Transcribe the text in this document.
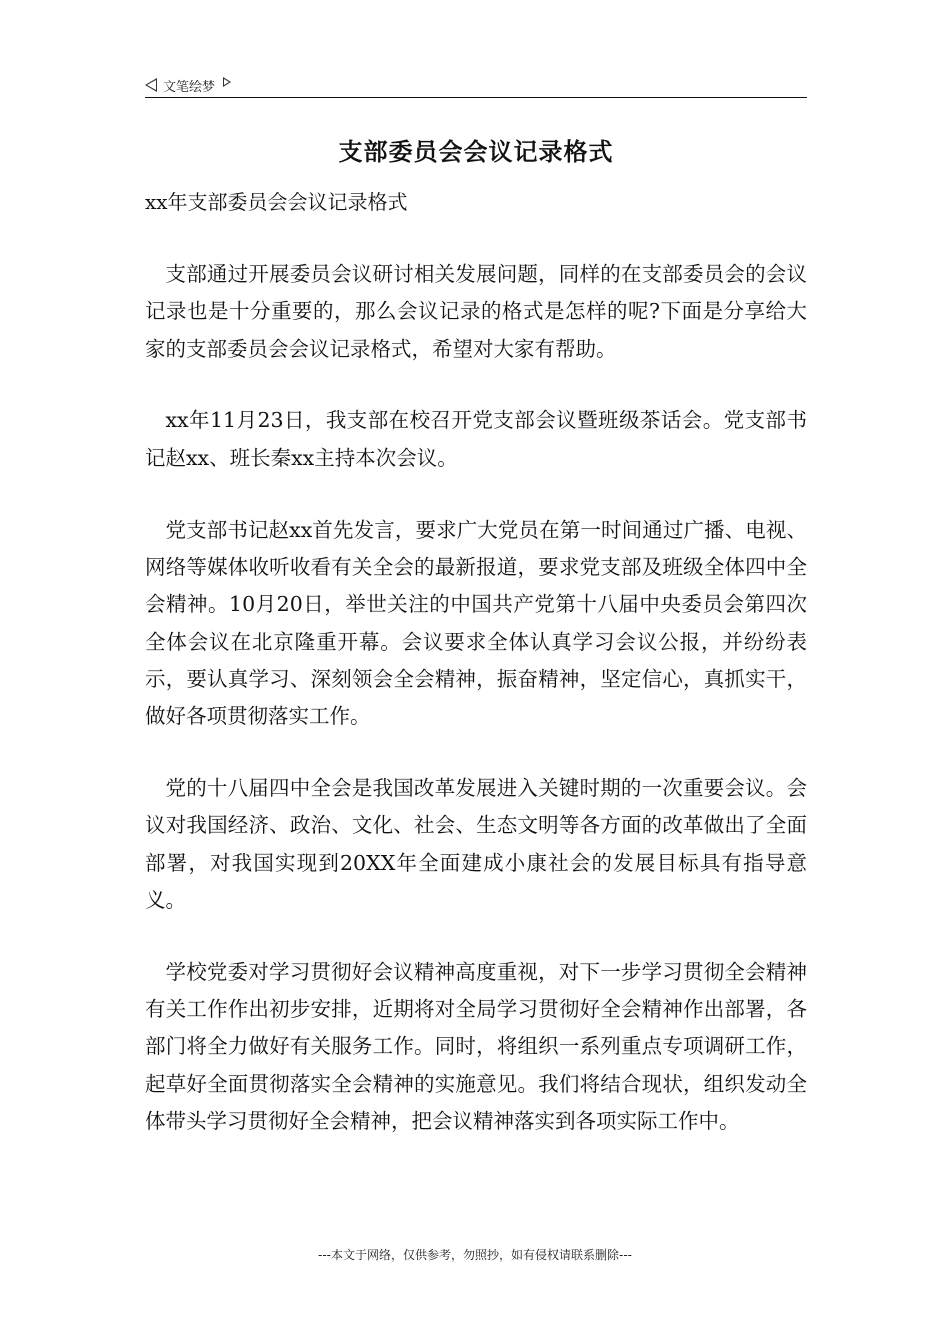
文笔绘梦
支部委员会会议记录格式
xx年支部委员会会议记录格式

支部通过开展委员会议研讨相关发展问题，同样的在支部委员会的会议记录也是十分重要的，那么会议记录的格式是怎样的呢?下面是分享给大家的支部委员会会议记录格式，希望对大家有帮助。

xx年11月23日，我支部在校召开党支部会议暨班级茶话会。党支部书记赵xx、班长秦xx主持本次会议。

党支部书记赵xx首先发言，要求广大党员在第一时间通过广播、电视、网络等媒体收听收看有关全会的最新报道，要求党支部及班级全体四中全会精神。10月20日，举世关注的中国共产党第十八届中央委员会第四次全体会议在北京隆重开幕。会议要求全体认真学习会议公报，并纷纷表示，要认真学习、深刻领会全会精神，振奋精神，坚定信心，真抓实干，做好各项贯彻落实工作。

党的十八届四中全会是我国改革发展进入关键时期的一次重要会议。会议对我国经济、政治、文化、社会、生态文明等各方面的改革做出了全面部署，对我国实现到20XX年全面建成小康社会的发展目标具有指导意义。

学校党委对学习贯彻好会议精神高度重视，对下一步学习贯彻全会精神有关工作作出初步安排，近期将对全局学习贯彻好全会精神作出部署，各部门将全力做好有关服务工作。同时，将组织一系列重点专项调研工作，起草好全面贯彻落实全会精神的实施意见。我们将结合现状，组织发动全体带头学习贯彻好全会精神，把会议精神落实到各项实际工作中。

---本文于网络，仅供参考，勿照抄，如有侵权请联系删除---
